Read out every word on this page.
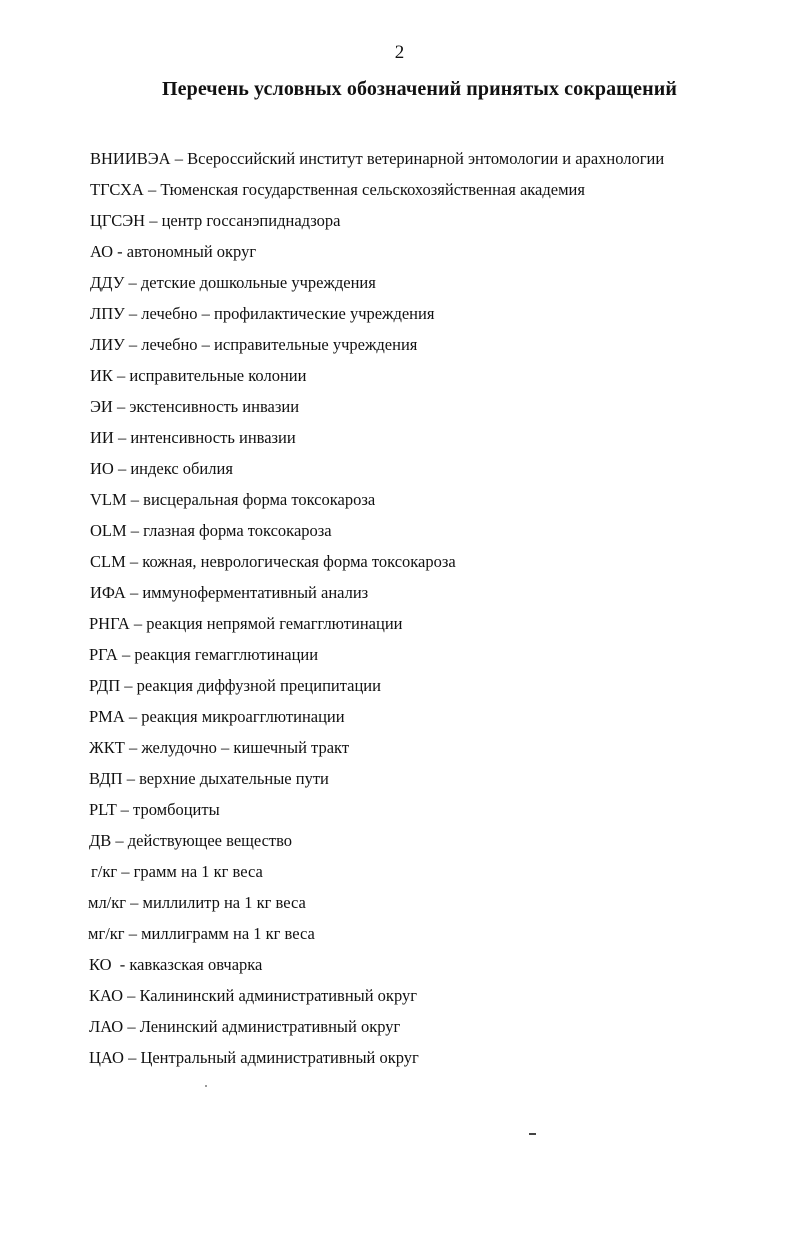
2
Перечень условных обозначений принятых сокращений
ВНИИВЭА – Всероссийский институт ветеринарной энтомологии и арахнологии
ТГСХА – Тюменская государственная сельскохозяйственная академия
ЦГСЭН – центр госсанэпиднадзора
АО - автономный округ
ДДУ – детские дошкольные учреждения
ЛПУ – лечебно – профилактические учреждения
ЛИУ – лечебно – исправительные учреждения
ИК – исправительные колонии
ЭИ – экстенсивность инвазии
ИИ – интенсивность инвазии
ИО – индекс обилия
VLM – висцеральная форма токсокароза
OLM – глазная форма токсокароза
CLM – кожная, неврологическая форма токсокароза
ИФА – иммуноферментативный анализ
РНГА – реакция непрямой гемагглютинации
РГА – реакция гемагглютинации
РДП – реакция диффузной преципитации
РМА – реакция микроагглютинации
ЖКТ – желудочно – кишечный тракт
ВДП – верхние дыхательные пути
PLT – тромбоциты
ДВ – действующее вещество
г/кг – грамм на 1 кг веса
мл/кг – миллилитр на 1 кг веса
мг/кг – миллиграмм на 1 кг веса
КО  - кавказская овчарка
КАО – Калининский административный округ
ЛАО – Ленинский административный округ
ЦАО – Центральный административный округ
